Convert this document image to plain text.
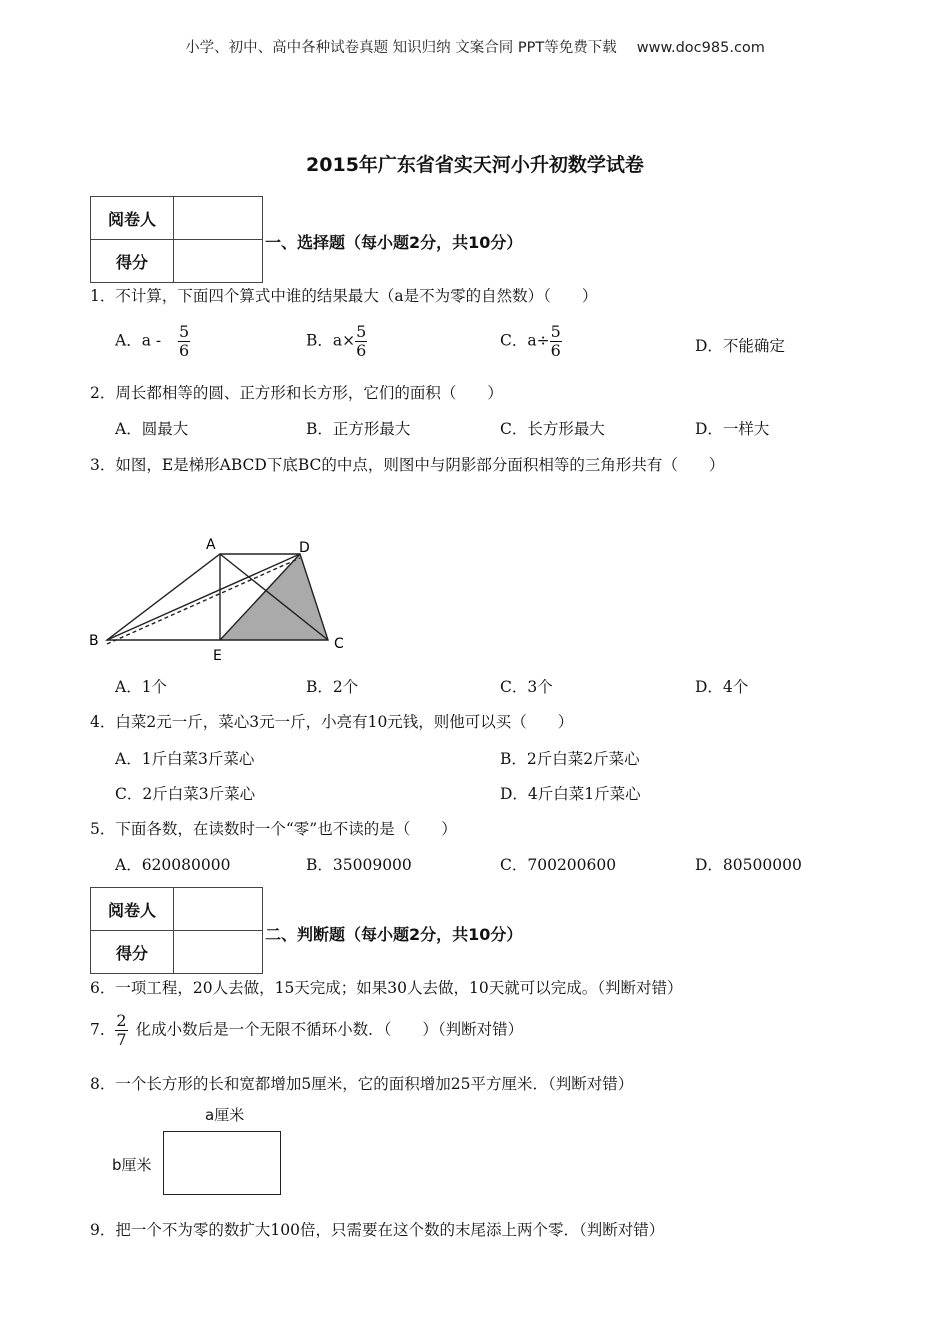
小学、初中、高中各种试卷真题 知识归纳 文案合同 PPT等免费下载 www.doc985.com
2015年广东省省实天河小升初数学试卷
阅卷人	
得分	
一、选择题（每小题2分，共10分）
1．不计算，下面四个算式中谁的结果最大（a是不为零的自然数）（　　）
A．a - $\frac{5}{6}$	B．$a\times \frac{5}{6}$	C．$a\div \frac{5}{6}$	D．不能确定
2．周长都相等的圆、正方形和长方形，它们的面积（　　）
A．圆最大	B．正方形最大	C．长方形最大	D．一样大
3．如图，E是梯形ABCD下底BC的中点，则图中与阴影部分面积相等的三角形共有（　　）
A	D
B	C
E
A．1个	B．2个	C．3个	D．4个
4．白菜2元一斤，菜心3元一斤，小亮有10元钱，则他可以买（　　）
A．1斤白菜3斤菜心	B．2斤白菜2斤菜心
C．2斤白菜3斤菜心	D．4斤白菜1斤菜心
5．下面各数，在读数时一个“零”也不读的是（　　）
A．620080000	B．35009000	C．700200600	D．80500000
阅卷人	
得分	
二、判断题（每小题2分，共10分）
6．一项工程，20人去做，15天完成；如果30人去做，10天就可以完成。（判断对错）
7． $\frac{2}{7}$ 化成小数后是一个无限不循环小数．（　　）（判断对错）
8．一个长方形的长和宽都增加5厘米，它的面积增加25平方厘米．（判断对错）
a厘米
b厘米
9．把一个不为零的数扩大100倍，只需要在这个数的末尾添上两个零．（判断对错）
